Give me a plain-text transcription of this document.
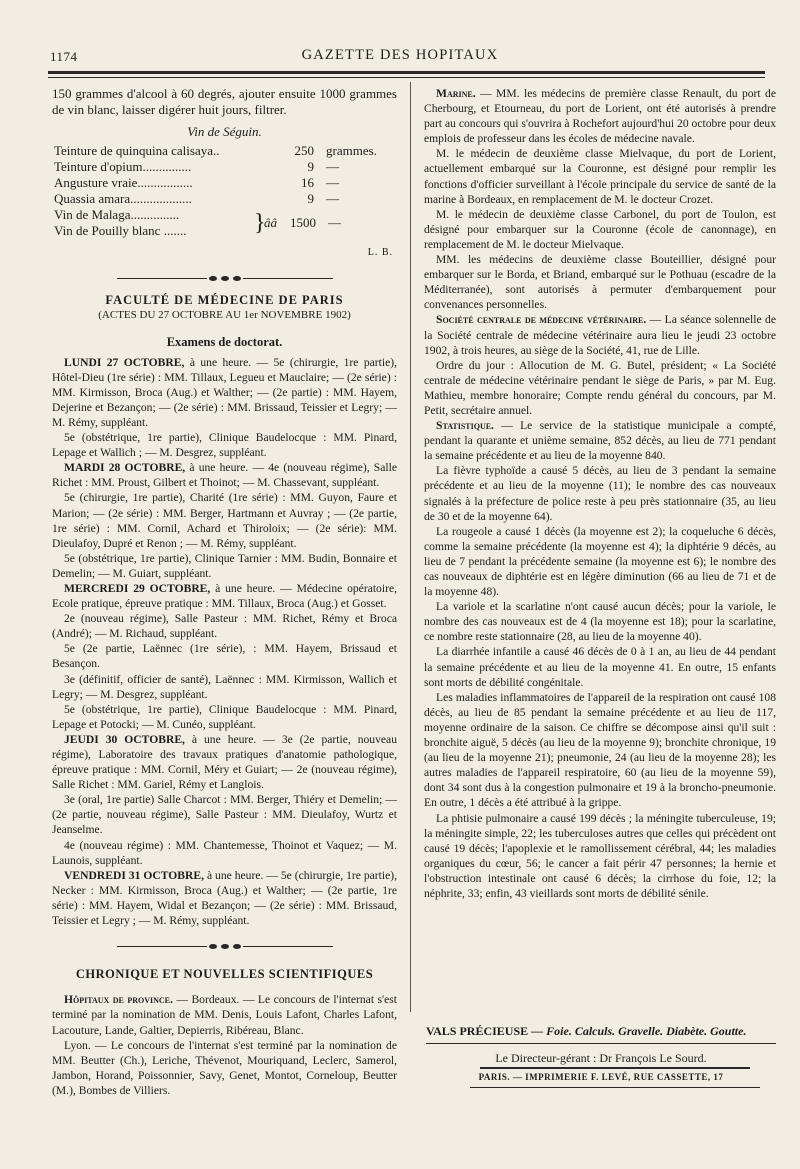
1174	GAZETTE DES HOPITAUX

150 grammes d'alcool à 60 degrés, ajouter ensuite 1000 grammes de vin blanc, laisser digérer huit jours, filtrer.

Vin de Séguin.
Teinture de quinquina calisaya..	250 grammes.
Teinture d'opium...............	9 —
Angusture vraie.................	16 —
Quassia amara...................	9 —
Vin de Malaga...............
Vin de Pouilly blanc .......	}
ââ	1500 —
L. B.
FACULTÉ DE MÉDECINE DE PARIS
(ACTES DU 27 OCTOBRE AU 1er NOVEMBRE 1902)
Examens de doctorat.

LUNDI 27 OCTOBRE, à une heure. — 5e (chirurgie, 1re partie), Hôtel-Dieu (1re série) : MM. Tillaux, Legueu et Mauclaire; — (2e série) : MM. Kirmisson, Broca (Aug.) et Walther; — (2e partie) : MM. Hayem, Dejerine et Bezançon; — (2e série) : MM. Brissaud, Teissier et Legry; — M. Rémy, suppléant.

5e (obstétrique, 1re partie), Clinique Baudelocque : MM. Pinard, Lepage et Wallich ; — M. Desgrez, suppléant.

MARDI 28 OCTOBRE, à une heure. — 4e (nouveau régime), Salle Richet : MM. Proust, Gilbert et Thoinot; — M. Chassevant, suppléant.

5e (chirurgie, 1re partie), Charité (1re série) : MM. Guyon, Faure et Marion; — (2e série) : MM. Berger, Hartmann et Auvray ; — (2e partie, 1re série) : MM. Cornil, Achard et Thiroloix; — (2e série): MM. Dieulafoy, Dupré et Renon ; — M. Rémy, suppléant.

5e (obstétrique, 1re partie), Clinique Tarnier : MM. Budin, Bonnaire et Demelin; — M. Guiart, suppléant.

MERCREDI 29 OCTOBRE, à une heure. — Médecine opératoire, Ecole pratique, épreuve pratique : MM. Tillaux, Broca (Aug.) et Gosset.

2e (nouveau régime), Salle Pasteur : MM. Richet, Rémy et Broca (André); — M. Richaud, suppléant.

5e (2e partie, Laënnec (1re série), : MM. Hayem, Brissaud et Besançon.

3e (définitif, officier de santé), Laënnec : MM. Kirmisson, Wallich et Legry; — M. Desgrez, suppléant.

5e (obstétrique, 1re partie), Clinique Baudelocque : MM. Pinard, Lepage et Potocki; — M. Cunéo, suppléant.

JEUDI 30 OCTOBRE, à une heure. — 3e (2e partie, nouveau régime), Laboratoire des travaux pratiques d'anatomie pathologique, épreuve pratique : MM. Cornil, Méry et Guiart; — 2e (nouveau régime), Salle Richet : MM. Gariel, Rémy et Langlois.

3e (oral, 1re partie) Salle Charcot : MM. Berger, Thiéry et Demelin; — (2e partie, nouveau régime), Salle Pasteur : MM. Dieulafoy, Wurtz et Jeanselme.

4e (nouveau régime) : MM. Chantemesse, Thoinot et Vaquez; — M. Launois, suppléant.

VENDREDI 31 OCTOBRE, à une heure. — 5e (chirurgie, 1re partie), Necker : MM. Kirmisson, Broca (Aug.) et Walther; — (2e partie, 1re série) : MM. Hayem, Widal et Bezançon; — (2e série) : MM. Brissaud, Teissier et Legry ; — M. Rémy, suppléant.

CHRONIQUE ET NOUVELLES SCIENTIFIQUES

Hôpitaux de province. — Bordeaux. — Le concours de l'internat s'est terminé par la nomination de MM. Denis, Louis Lafont, Charles Lafont, Lacouture, Lande, Galtier, Depierris, Ribéreau, Blanc.

Lyon. — Le concours de l'internat s'est terminé par la nomination de MM. Beutter (Ch.), Leriche, Thévenot, Mouriquand, Leclerc, Samerol, Jambon, Horand, Poissonnier, Savy, Genet, Montot, Corneloup, Beutter (M.), Bombes de Villiers.

Marine. — MM. les médecins de première classe Renault, du port de Cherbourg, et Etourneau, du port de Lorient, ont été autorisés à prendre part au concours qui s'ouvrira à Rochefort aujourd'hui 20 octobre pour deux emplois de professeur dans les écoles de médecine navale.

M. le médecin de deuxième classe Mielvaque, du port de Lorient, actuellement embarqué sur la Couronne, est désigné pour remplir les fonctions d'officier surveillant à l'école principale du service de santé de la marine à Bordeaux, en remplacement de M. le docteur Crozet.

M. le médecin de deuxième classe Carbonel, du port de Toulon, est désigné pour embarquer sur la Couronne (école de canonnage), en remplacement de M. le docteur Mielvaque.

MM. les médecins de deuxième classe Bouteillier, désigné pour embarquer sur le Borda, et Briand, embarqué sur le Pothuau (escadre de la Méditerranée), sont autorisés à permuter d'embarquement pour convenances personnelles.

Société centrale de médecine vétérinaire. — La séance solennelle de la Société centrale de médecine vétérinaire aura lieu le jeudi 23 octobre 1902, à trois heures, au siège de la Société, 41, rue de Lille.

Ordre du jour : Allocution de M. G. Butel, président; « La Société centrale de médecine vétérinaire pendant le siège de Paris, » par M. Eug. Mathieu, membre honoraire; Compte rendu général du concours, par M. Petit, secrétaire annuel.

Statistique. — Le service de la statistique municipale a compté, pendant la quarante et unième semaine, 852 décès, au lieu de 771 pendant la semaine précédente et au lieu de la moyenne 840.

La fièvre typhoïde a causé 5 décès, au lieu de 3 pendant la semaine précédente et au lieu de la moyenne (11); le nombre des cas nouveaux signalés à la préfecture de police reste à peu près stationnaire (35, au lieu de 30 et de la moyenne 64).

La rougeole a causé 1 décès (la moyenne est 2); la coqueluche 6 décès, comme la semaine précédente (la moyenne est 4); la diphtérie 9 décès, au lieu de 7 pendant la précédente semaine (la moyenne est 6); le nombre des cas nouveaux de diphtérie est en légère diminution (66 au lieu de 71 et de la moyenne 48).

La variole et la scarlatine n'ont causé aucun décès; pour la variole, le nombre des cas nouveaux est de 4 (la moyenne est 18); pour la scarlatine, ce nombre reste stationnaire (28, au lieu de la moyenne 40).

La diarrhée infantile a causé 46 décès de 0 à 1 an, au lieu de 44 pendant la semaine précédente et au lieu de la moyenne 41. En outre, 15 enfants sont morts de débilité congénitale.

Les maladies inflammatoires de l'appareil de la respiration ont causé 108 décès, au lieu de 85 pendant la semaine précédente et au lieu de 117, moyenne ordinaire de la saison. Ce chiffre se décompose ainsi qu'il suit : bronchite aiguë, 5 décès (au lieu de la moyenne 9); bronchite chronique, 19 (au lieu de la moyenne 21); pneumonie, 24 (au lieu de la moyenne 28); les autres maladies de l'appareil respiratoire, 60 (au lieu de la moyenne 59), dont 34 sont dus à la congestion pulmonaire et 19 à la broncho-pneumonie. En outre, 1 décès a été attribué à la grippe.

La phtisie pulmonaire a causé 199 décès ; la méningite tuberculeuse, 19; la méningite simple, 22; les tuberculoses autres que celles qui précèdent ont causé 19 décès; l'apoplexie et le ramollissement cérébral, 44; les maladies organiques du cœur, 56; le cancer a fait périr 47 personnes; la hernie et l'obstruction intestinale ont causé 6 décès; la cirrhose du foie, 12; la néphrite, 33; enfin, 43 vieillards sont morts de débilité sénile.

VALS PRÉCIEUSE — Foie. Calculs. Gravelle. Diabète. Goutte.
Le Directeur-gérant : Dr François Le Sourd.
PARIS. — IMPRIMERIE F. LEVÉ, RUE CASSETTE, 17
